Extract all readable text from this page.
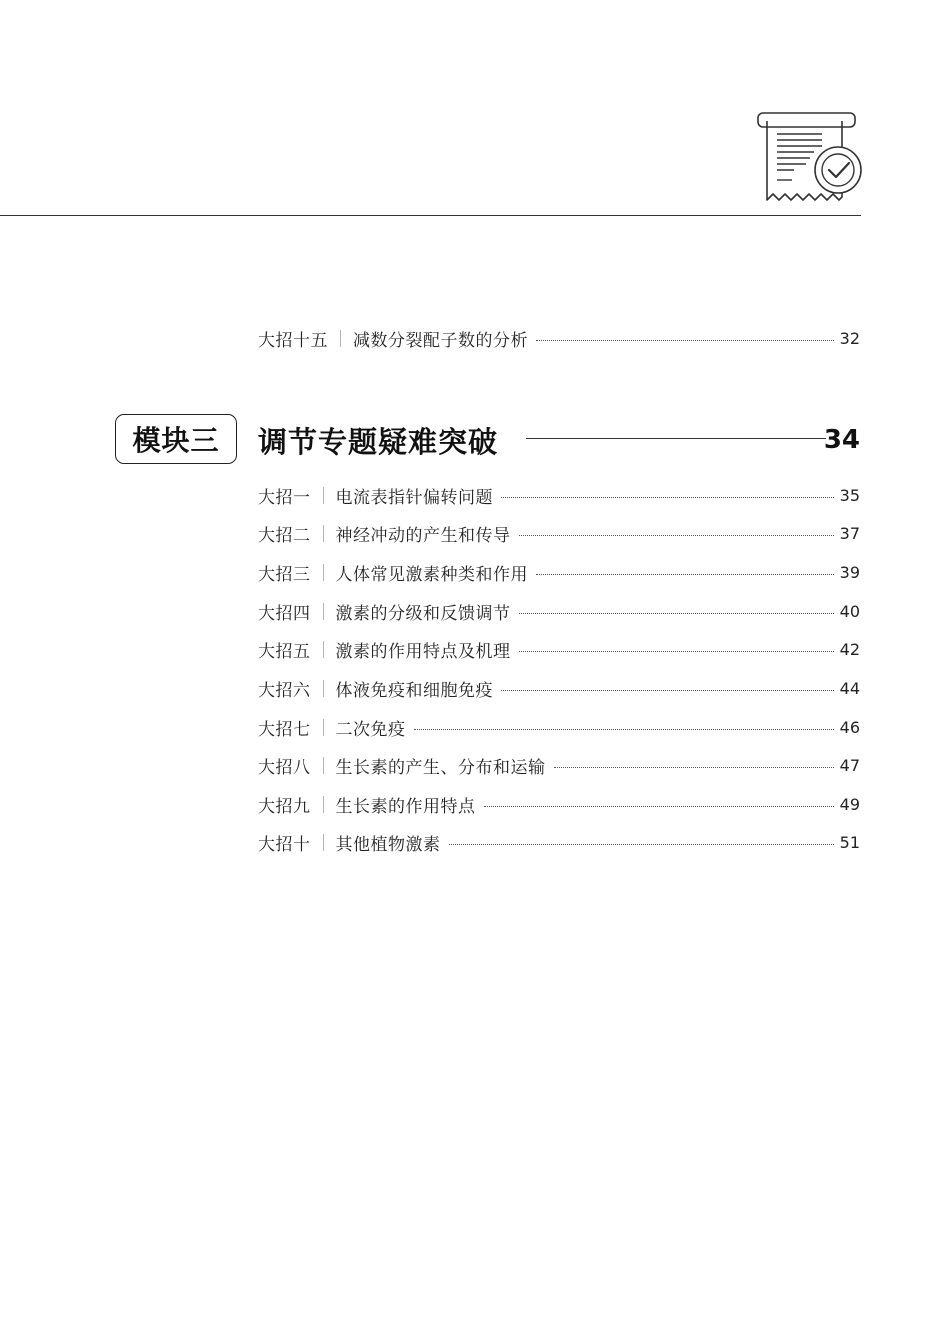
大招十五 减数分裂配子数的分析	32
模块三	调节专题疑难突破	34
大招一 电流表指针偏转问题	35
大招二 神经冲动的产生和传导	37
大招三 人体常见激素种类和作用	39
大招四 激素的分级和反馈调节	40
大招五 激素的作用特点及机理	42
大招六 体液免疫和细胞免疫	44
大招七 二次免疫	46
大招八 生长素的产生、分布和运输	47
大招九 生长素的作用特点	49
大招十 其他植物激素	51
